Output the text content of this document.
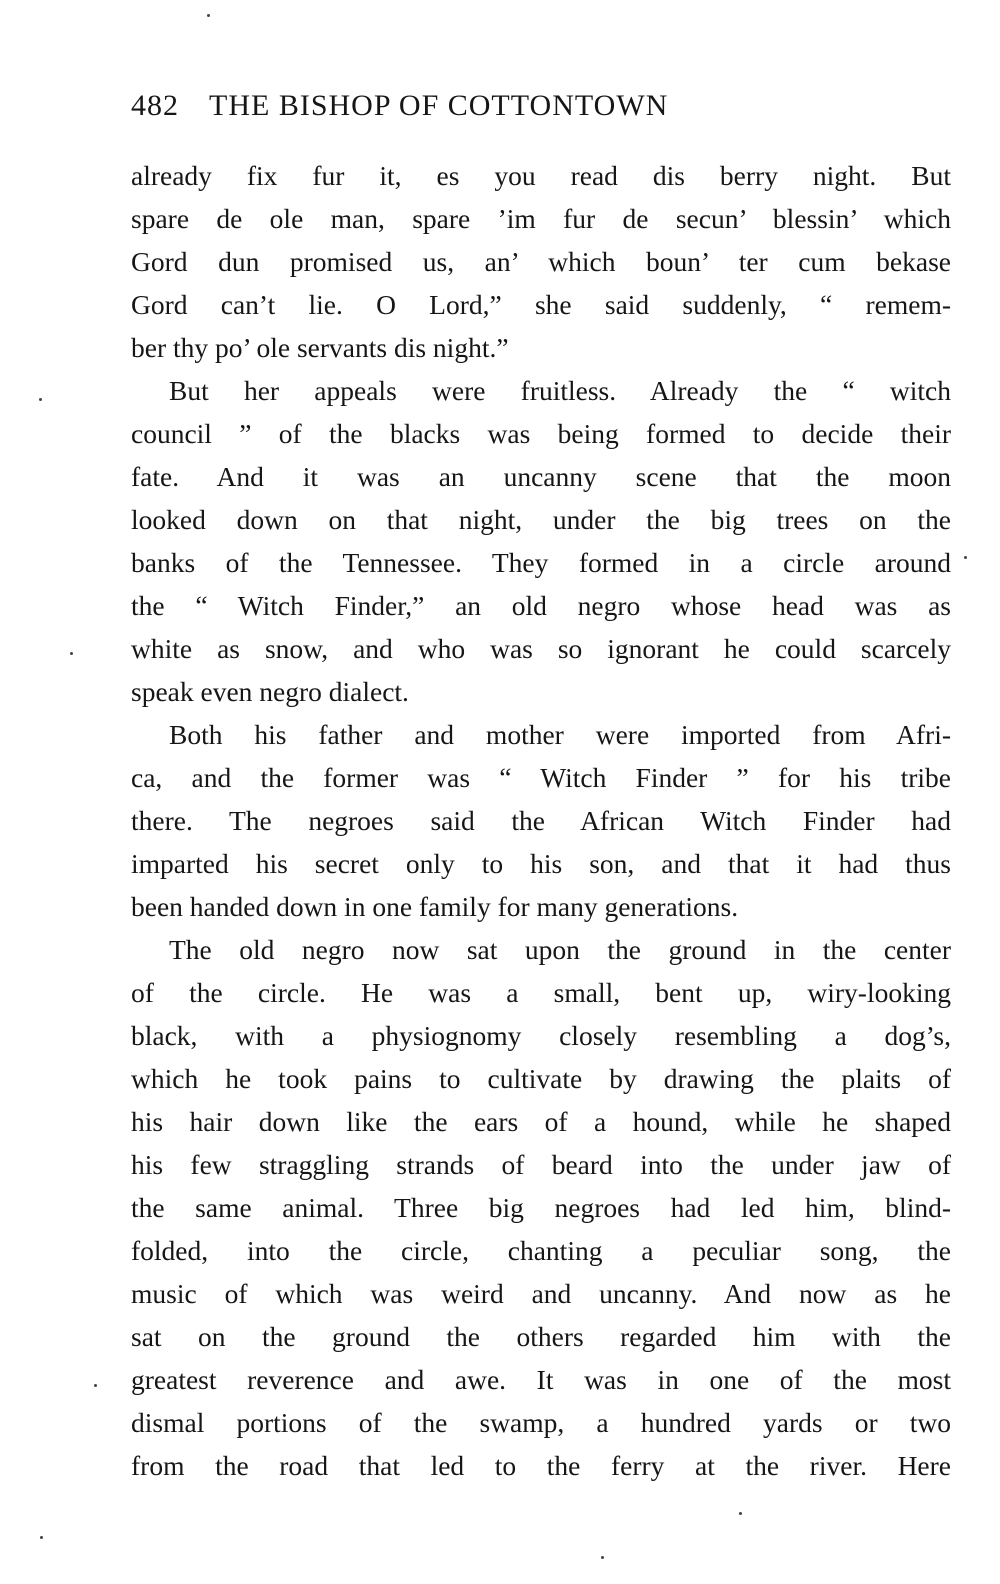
482 THE BISHOP OF COTTONTOWN
already fix fur it, es you read dis berry night. But
spare de ole man, spare ’im fur de secun’ blessin’ which
Gord dun promised us, an’ which boun’ ter cum bekase
Gord can’t lie. O Lord,” she said suddenly, “ remem-
ber thy po’ ole servants dis night.”
But her appeals were fruitless. Already the “ witch
council ” of the blacks was being formed to decide their
fate. And it was an uncanny scene that the moon
looked down on that night, under the big trees on the
banks of the Tennessee. They formed in a circle around
the “ Witch Finder,” an old negro whose head was as
white as snow, and who was so ignorant he could scarcely
speak even negro dialect.
Both his father and mother were imported from Afri-
ca, and the former was “ Witch Finder ” for his tribe
there. The negroes said the African Witch Finder had
imparted his secret only to his son, and that it had thus
been handed down in one family for many generations.
The old negro now sat upon the ground in the center
of the circle. He was a small, bent up, wiry-looking
black, with a physiognomy closely resembling a dog’s,
which he took pains to cultivate by drawing the plaits of
his hair down like the ears of a hound, while he shaped
his few straggling strands of beard into the under jaw of
the same animal. Three big negroes had led him, blind-
folded, into the circle, chanting a peculiar song, the
music of which was weird and uncanny. And now as he
sat on the ground the others regarded him with the
greatest reverence and awe. It was in one of the most
dismal portions of the swamp, a hundred yards or two
from the road that led to the ferry at the river. Here
